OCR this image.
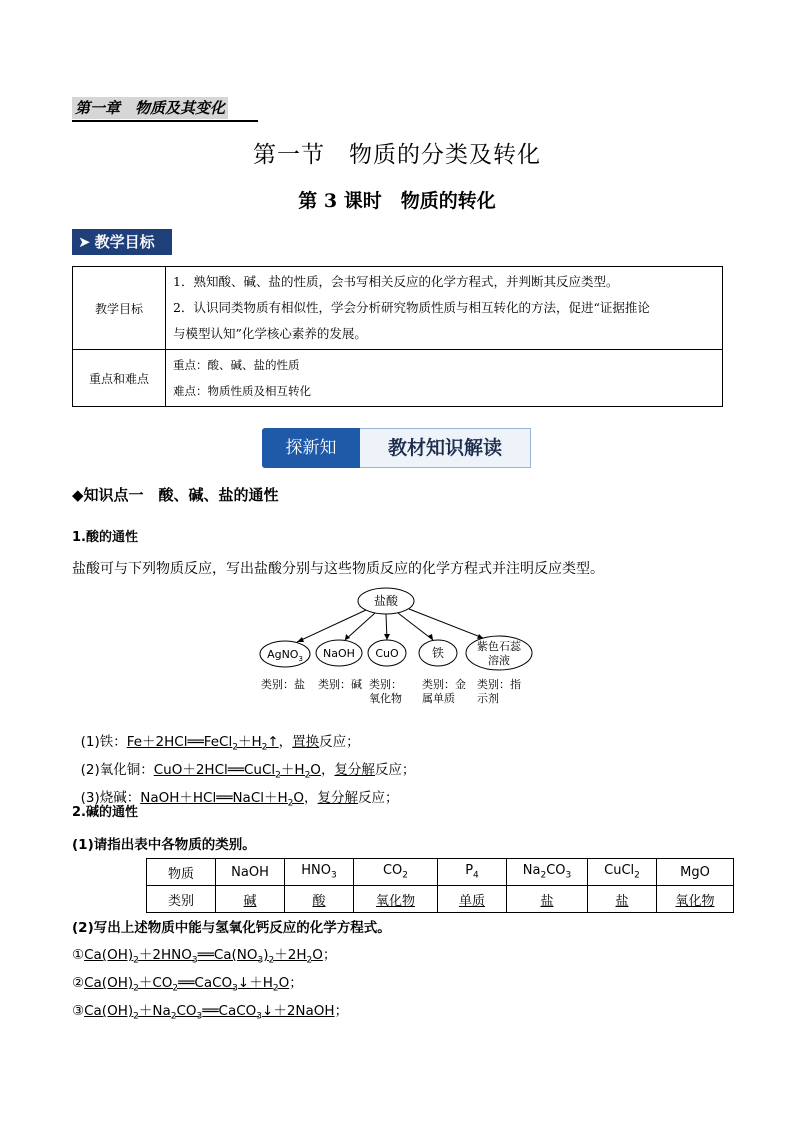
第一章　物质及其变化
第一节　物质的分类及转化
第 3 课时　物质的转化
➤ 教学目标
教学目标	1．熟知酸、碱、盐的性质，会书写相关反应的化学方程式，并判断其反应类型。
2．认识同类物质有相似性，学会分析研究物质性质与相互转化的方法，促进“证据推论
与模型认知”化学核心素养的发展。

重点和难点	重点：酸、碱、盐的性质
难点：物质性质及相互转化
探新知	教材知识解读
◆知识点一　酸、碱、盐的通性
1.酸的通性
盐酸可与下列物质反应，写出盐酸分别与这些物质反应的化学方程式并注明反应类型。
盐酸
AgNO$_3$ NaOH CuO	铁	紫色石蕊
溶液
类别：盐 类别：碱 类别：
氧化物
类别：金
属单质
类别：指
示剂

(1)铁：$Fe+2HCl══FeCl_2+H_2↑$，置换反应；

(2)氧化铜：$CuO+2HCl══CuCl_2+H_2O$，复分解反应；

(3)烧碱：$NaOH+HCl══NaCl+H_2O$，复分解反应；

2.碱的通性
(1)请指出表中各物质的类别。
物质	NaOH	$HNO_3$	$CO_2$	$P_4$	$Na_2CO_3$	CuCl$_2$	MgO
类别	碱	酸	氧化物	单质	盐	盐	氧化物
(2)写出上述物质中能与氢氧化钙反应的化学方程式。
$①Ca(OH)_2+2HNO_3══Ca(NO_3)_2+2H_2O$；
$②Ca(OH)_2+CO_2══CaCO_3↓+H_2O$；
$③Ca(OH)_2+Na_2CO_3══CaCO_3↓+2NaOH$；
